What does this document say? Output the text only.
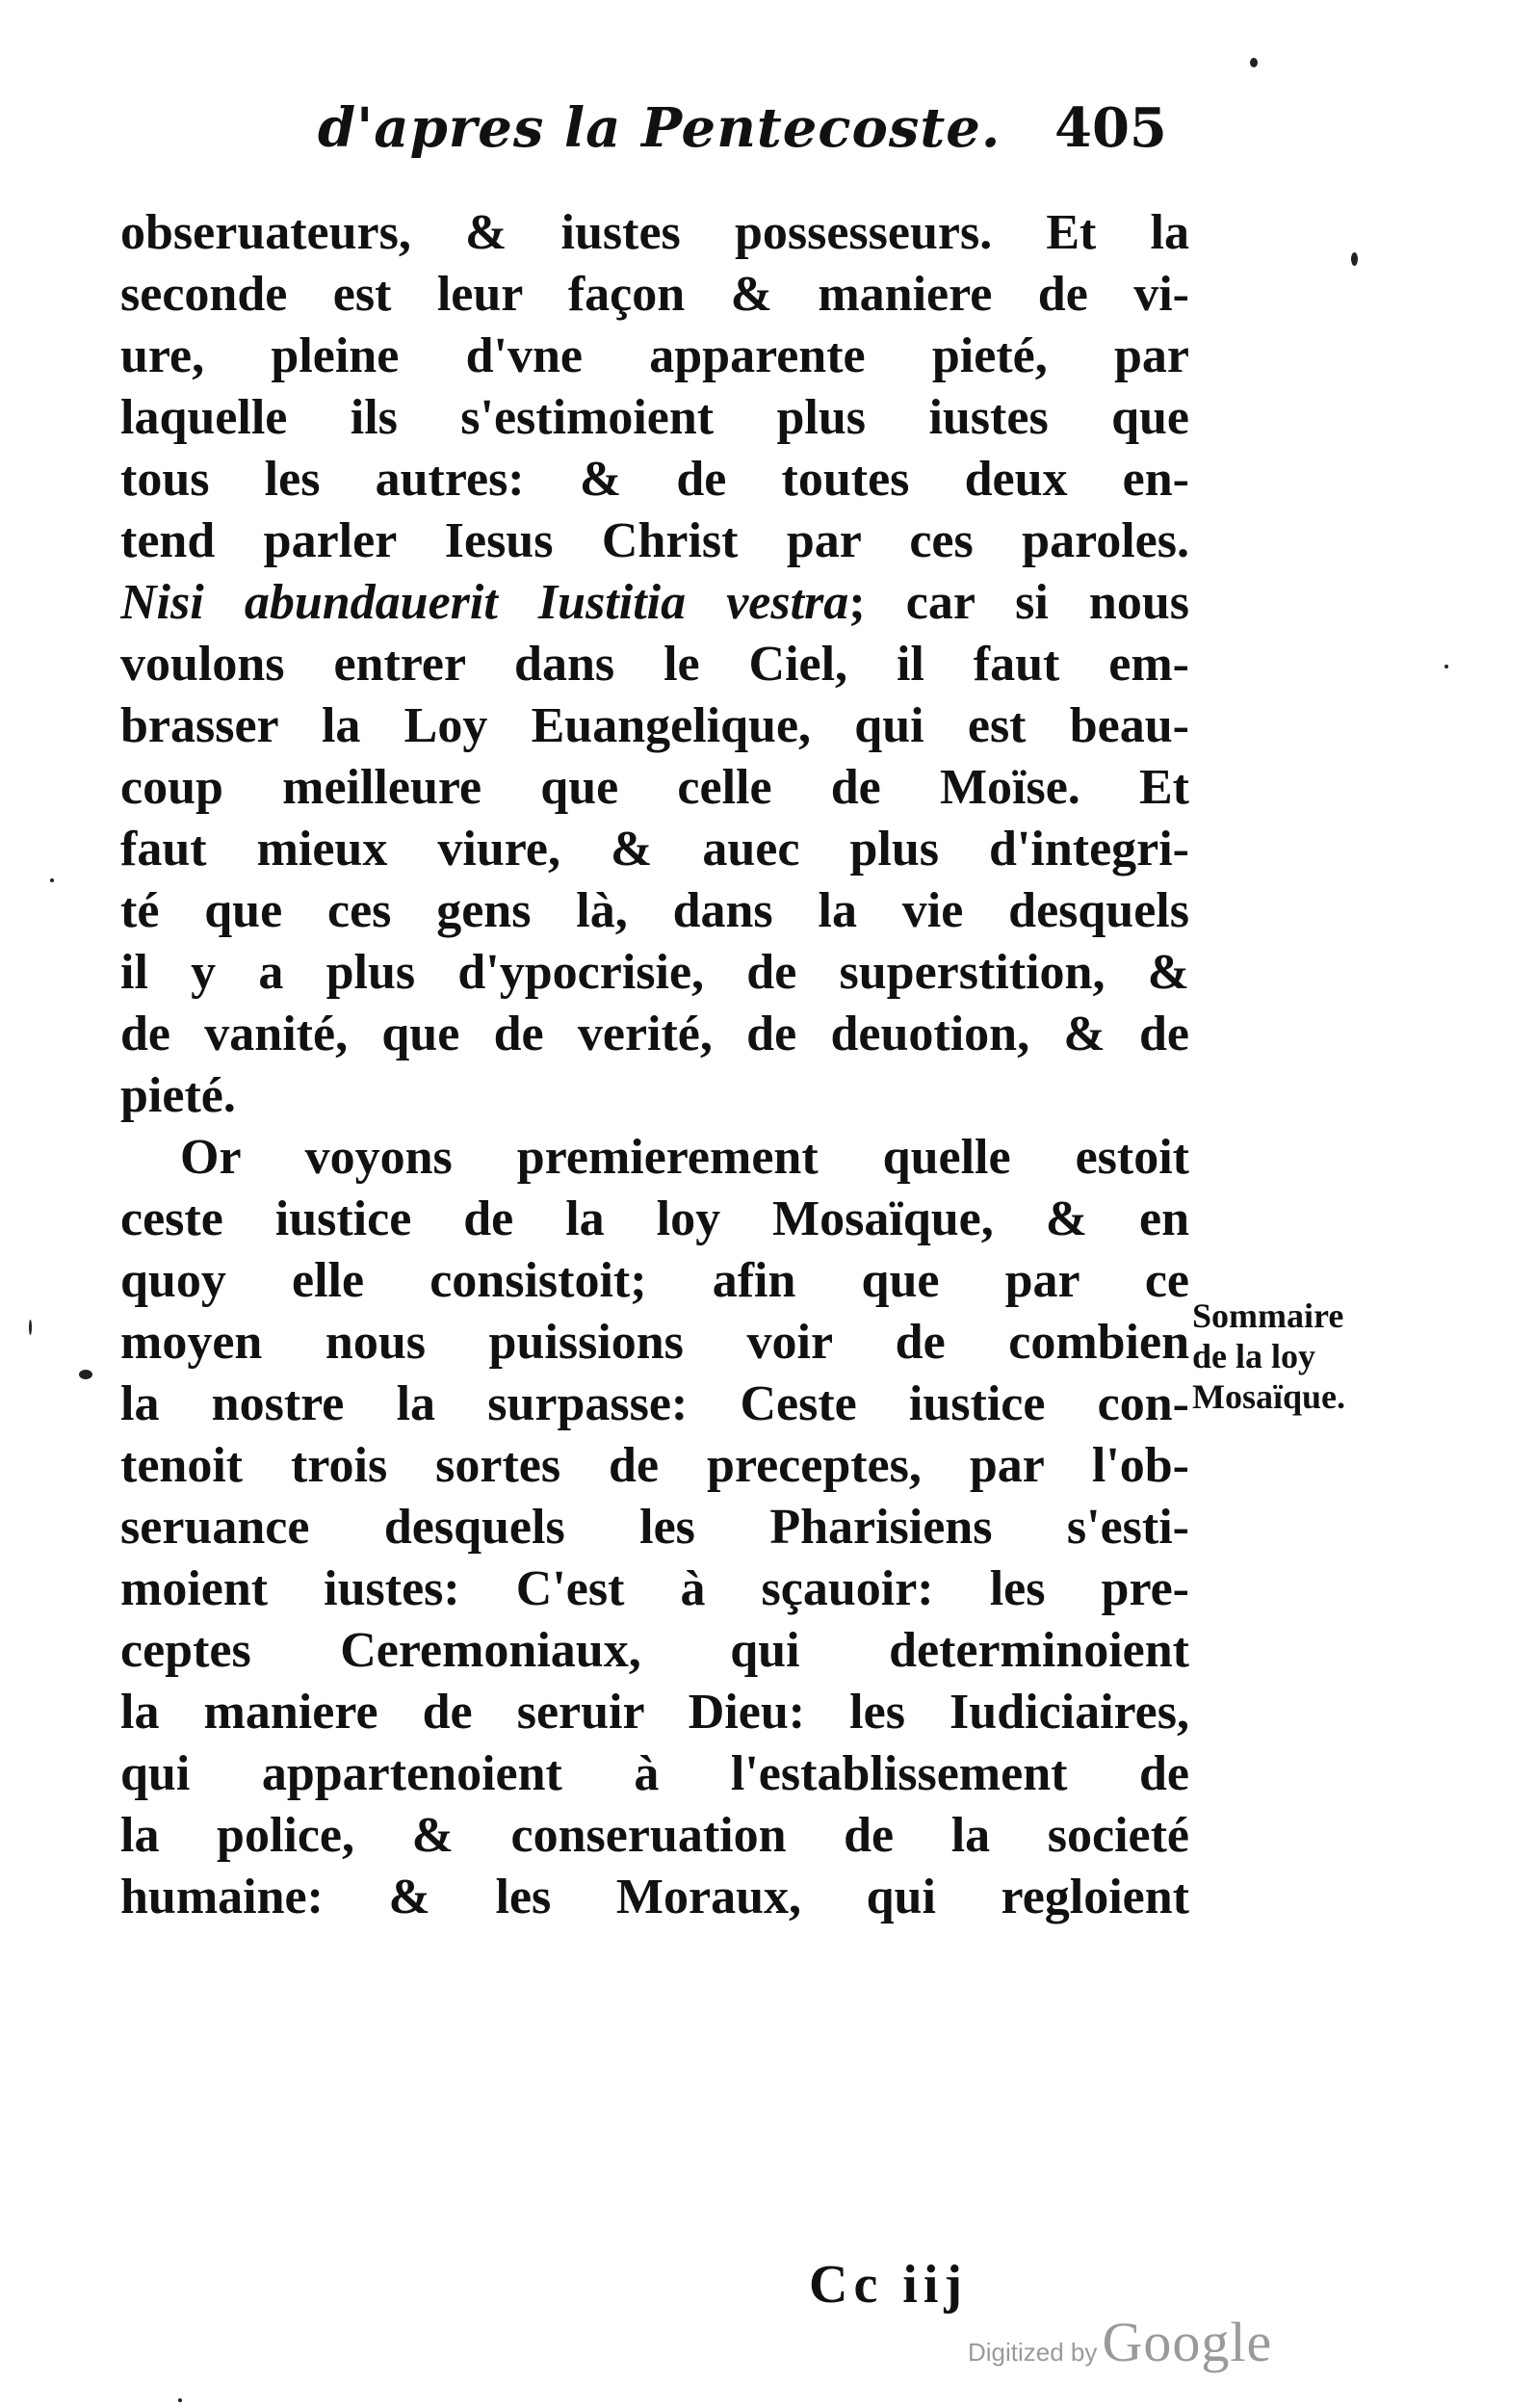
d'apres la Pentecoste. 405
obseruateurs, & iustes possesseurs. Et la
seconde est leur façon & maniere de vi-
ure, pleine d'vne apparente pieté, par
laquelle ils s'estimoient plus iustes que
tous les autres: & de toutes deux en-
tend parler Iesus Christ par ces paroles.
Nisi abundauerit Iustitia vestra; car si nous
voulons entrer dans le Ciel, il faut em-
brasser la Loy Euangelique, qui est beau-
coup meilleure que celle de Moïse. Et
faut mieux viure, & auec plus d'integri-
té que ces gens là, dans la vie desquels
il y a plus d'ypocrisie, de superstition, &
de vanité, que de verité, de deuotion, & de
pieté.
Or voyons premierement quelle estoit
ceste iustice de la loy Mosaïque, & en
quoy elle consistoit; afin que par ce
moyen nous puissions voir de combien
la nostre la surpasse: Ceste iustice con-
tenoit trois sortes de preceptes, par l'ob-
seruance desquels les Pharisiens s'esti-
moient iustes: C'est à sçauoir: les pre-
ceptes Ceremoniaux, qui determinoient
la maniere de seruir Dieu: les Iudiciaires,
qui appartenoient à l'establissement de
la police, & conseruation de la societé
humaine: & les Moraux, qui regloient
Sommaire
de la loy
Mosaïque.
Cc iij
Digitized by Google
